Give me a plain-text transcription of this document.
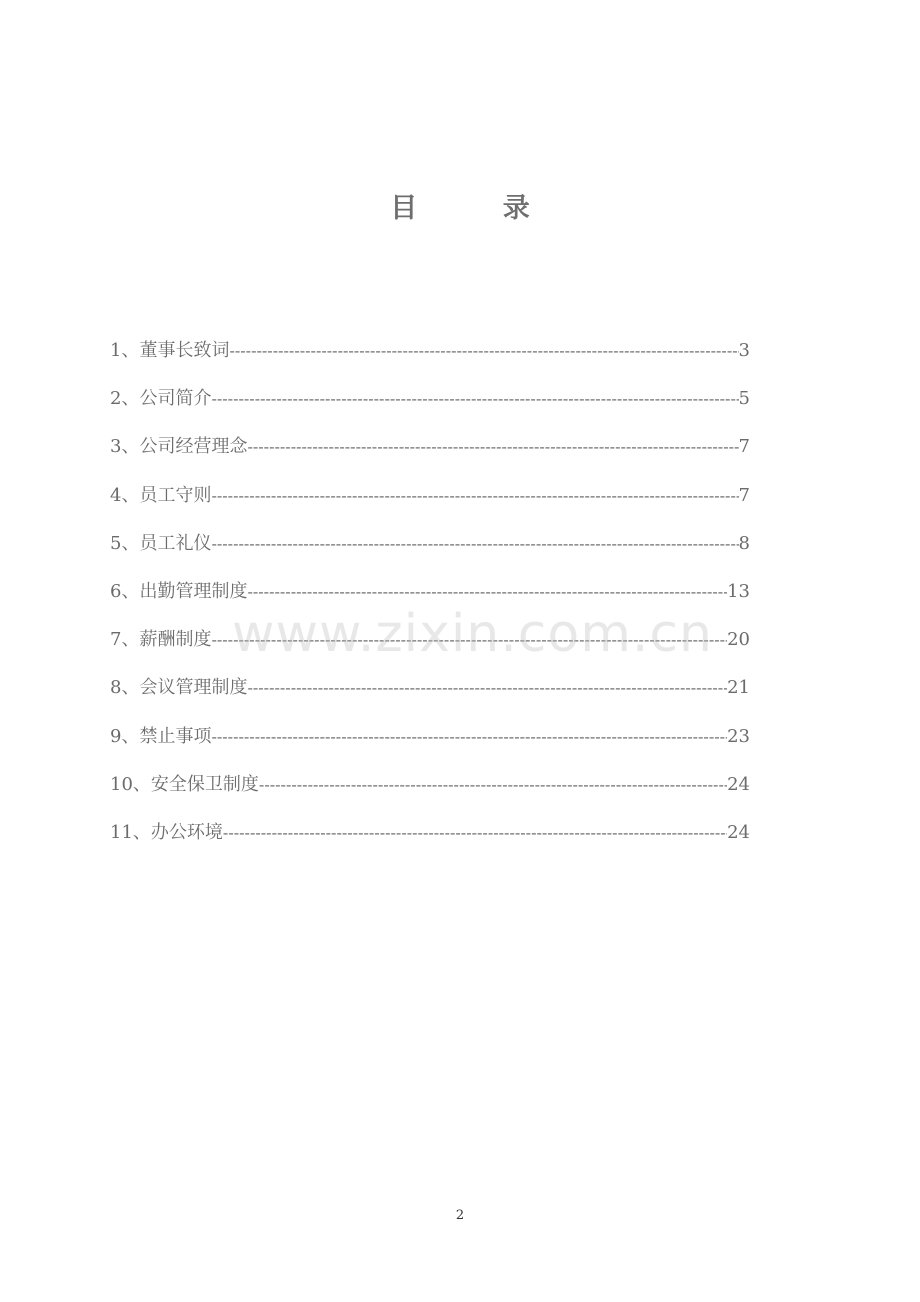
目 录
1、董事长致词 -----	3
2、公司简介 -----	5
3、公司经营理念 -----	7
4、员工守则 -----	7
5、员工礼仪 -----	8
6、出勤管理制度 -----	13
7、薪酬制度 -----	20
8、会议管理制度 -----	21
9、禁止事项 -----	23
10、安全保卫制度 -----	24
11、办公环境 -----	24
www.zixin.com.cn
2
